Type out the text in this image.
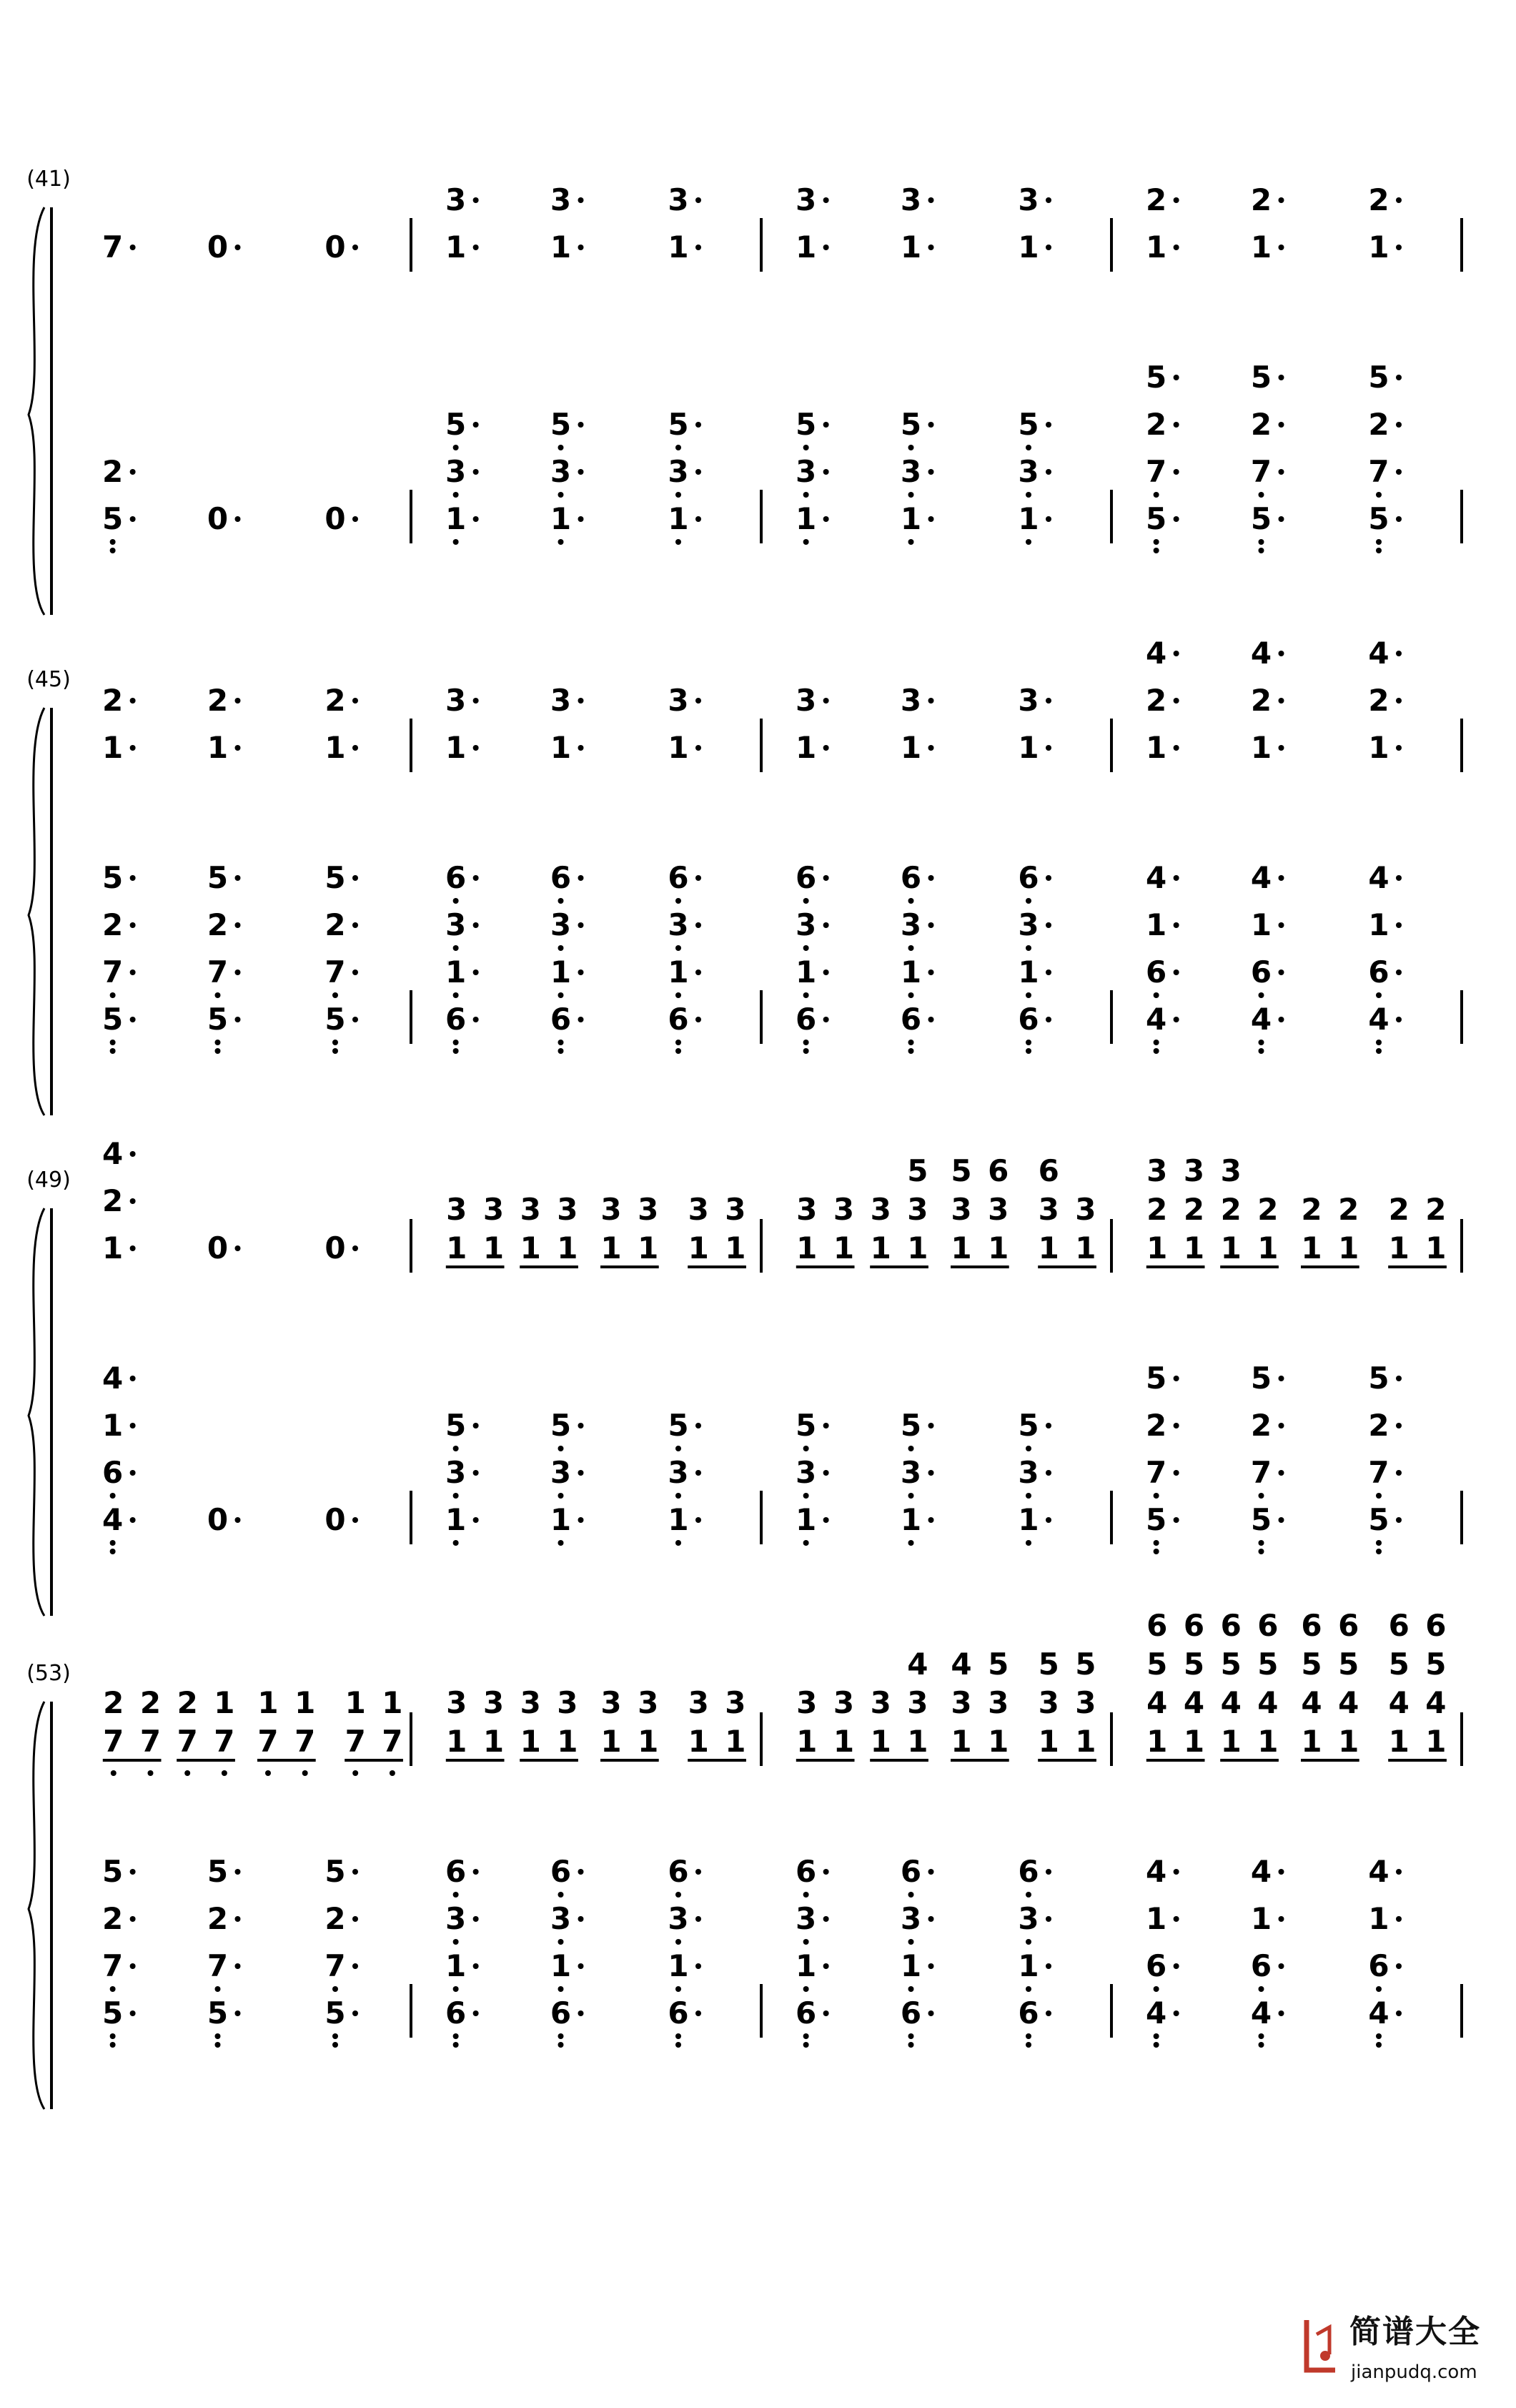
(41)
7
5
2
0
0
0
0
1
3
1
3
5
1
3
1
3
5
1
3
1
3
5
1
3
1
3
5
1
3
1
3
5
1
3
1
3
5
1
2
5
7
2
5
1
2
5
7
2
5
1
2
5
7
2
5
(45)
1
2
5
7
2
5
1
2
5
7
2
5
1
2
5
7
2
5
1
3
6
1
3
6
1
3
6
1
3
6
1
3
6
1
3
6
1
3
6
1
3
6
1
3
6
1
3
6
1
3
6
1
3
6
1
2
4
4
6
1
4
1
2
4
4
6
1
4
1
2
4
4
6
1
4
(49)
1
2
4
4
6
1
4
0
0
0
0
1
3
1
3
1
3
5
1
3
1
3
1
3
5
1
3
1
3
1
3
1
3
1
3
5
1
3
1
3
1
3
5
1
3
1
3
5
1
3
5
1
3
5
1
3
6
1
3
6
1
3
1
3
5
1
2
3
1
2
3
5
7
2
5
1
2
3
1
2
5
7
2
5
1
2
1
2
1
2
1
2
5
7
2
5
(53)
7
2
7
2
5
7
2
5
7
2
7
1
5
7
2
5
7
1
7
1
7
1
7
1
5
7
2
5
1
3
1
3
6
1
3
6
1
3
1
3
6
1
3
6
1
3
1
3
1
3
1
3
6
1
3
6
1
3
1
3
6
1
3
6
1
3
1
3
4
6
1
3
6
1
3
4
1
3
5
1
3
5
1
3
5
6
1
3
6
1
4
5
6
1
4
5
6
4
6
1
4
1
4
5
6
1
4
5
6
4
6
1
4
1
4
5
6
1
4
5
6
1
4
5
6
1
4
5
6
4
6
1
4
简谱大全
jianpudq.com
